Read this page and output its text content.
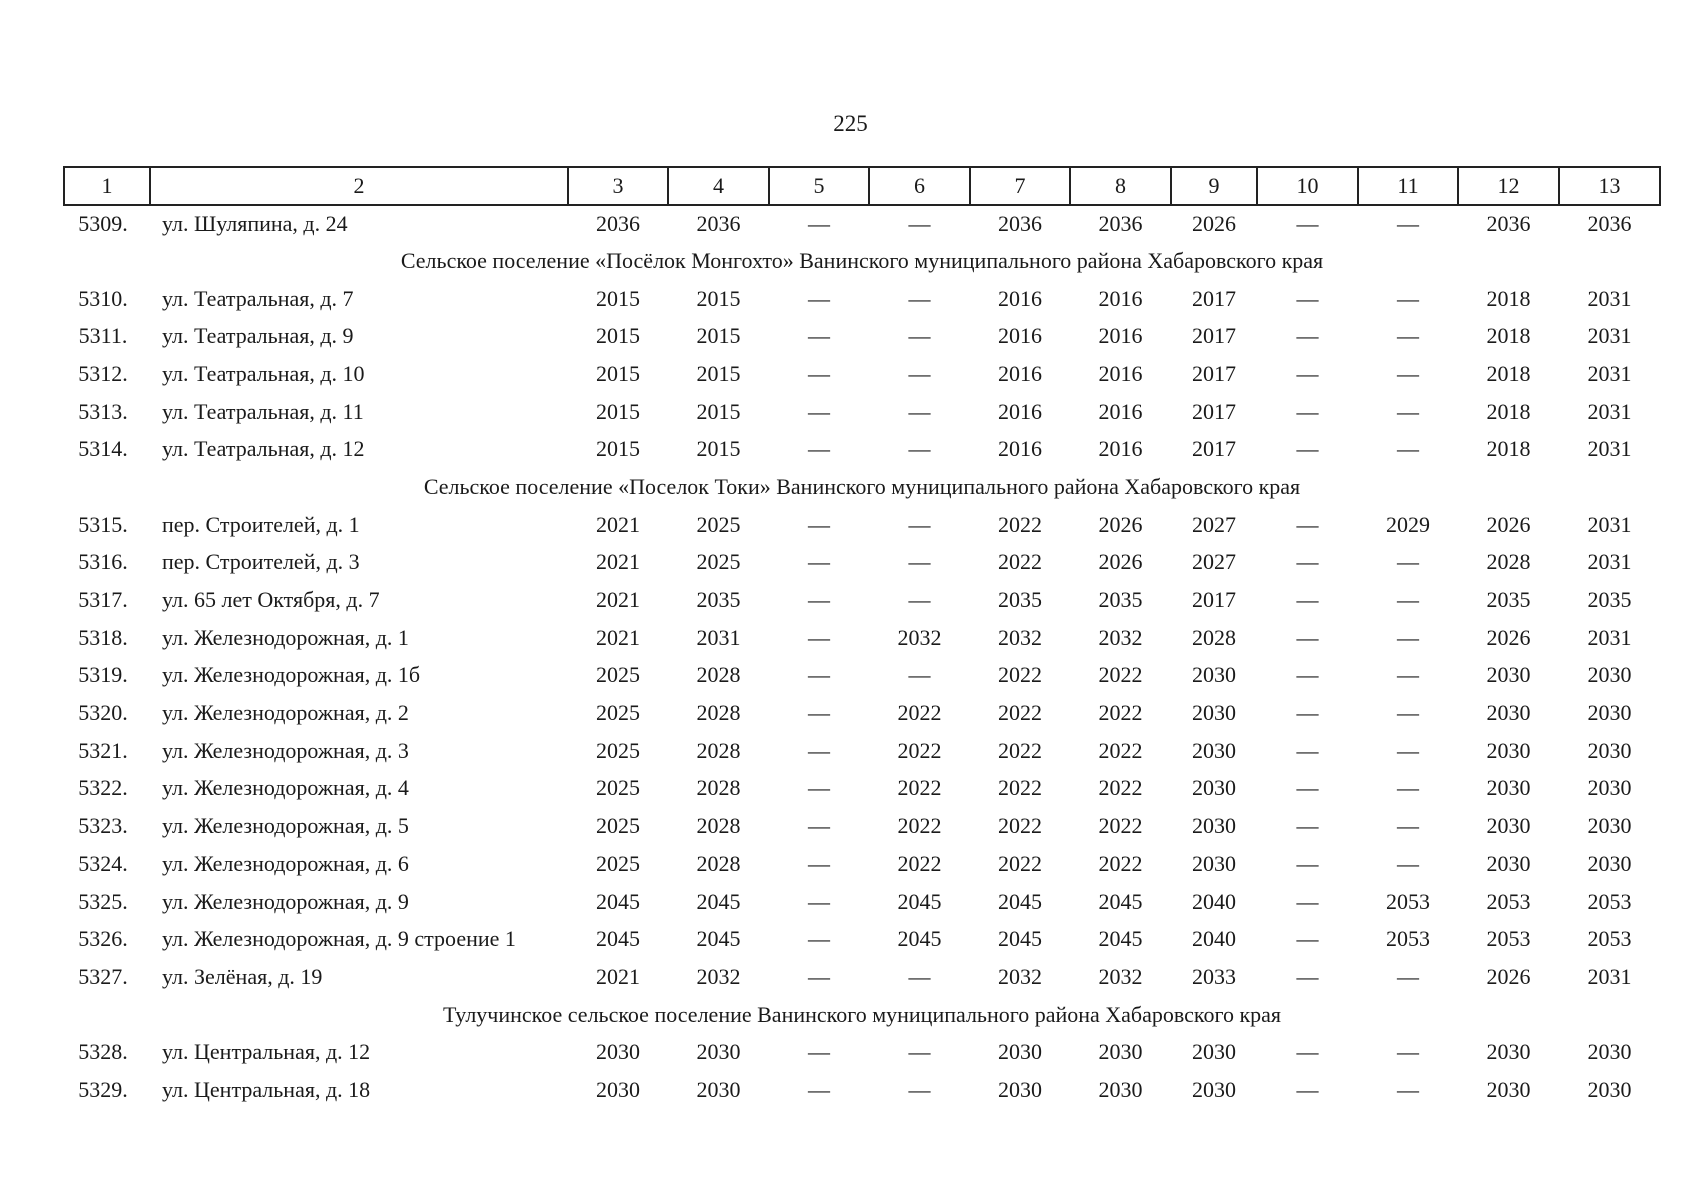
225
1	2	3	4	5	6	7	8	9	10	11	12	13
5309.	ул. Шуляпина, д. 24	2036	2036	—	—	2036	2036	2026	—	—	2036	2036
Сельское поселение «Посёлок Монгохто» Ванинского муниципального района Хабаровского края												
5310.	ул. Театральная, д. 7	2015	2015	—	—	2016	2016	2017	—	—	2018	2031
5311.	ул. Театральная, д. 9	2015	2015	—	—	2016	2016	2017	—	—	2018	2031
5312.	ул. Театральная, д. 10	2015	2015	—	—	2016	2016	2017	—	—	2018	2031
5313.	ул. Театральная, д. 11	2015	2015	—	—	2016	2016	2017	—	—	2018	2031
5314.	ул. Театральная, д. 12	2015	2015	—	—	2016	2016	2017	—	—	2018	2031
Сельское поселение «Поселок Токи» Ванинского муниципального района Хабаровского края												
5315.	пер. Строителей, д. 1	2021	2025	—	—	2022	2026	2027	—	2029	2026	2031
5316.	пер. Строителей, д. 3	2021	2025	—	—	2022	2026	2027	—	—	2028	2031
5317.	ул. 65 лет Октября, д. 7	2021	2035	—	—	2035	2035	2017	—	—	2035	2035
5318.	ул. Железнодорожная, д. 1	2021	2031	—	2032	2032	2032	2028	—	—	2026	2031
5319.	ул. Железнодорожная, д. 1б	2025	2028	—	—	2022	2022	2030	—	—	2030	2030
5320.	ул. Железнодорожная, д. 2	2025	2028	—	2022	2022	2022	2030	—	—	2030	2030
5321.	ул. Железнодорожная, д. 3	2025	2028	—	2022	2022	2022	2030	—	—	2030	2030
5322.	ул. Железнодорожная, д. 4	2025	2028	—	2022	2022	2022	2030	—	—	2030	2030
5323.	ул. Железнодорожная, д. 5	2025	2028	—	2022	2022	2022	2030	—	—	2030	2030
5324.	ул. Железнодорожная, д. 6	2025	2028	—	2022	2022	2022	2030	—	—	2030	2030
5325.	ул. Железнодорожная, д. 9	2045	2045	—	2045	2045	2045	2040	—	2053	2053	2053
5326.	ул. Железнодорожная, д. 9 строение 1	2045	2045	—	2045	2045	2045	2040	—	2053	2053	2053
5327.	ул. Зелёная, д. 19	2021	2032	—	—	2032	2032	2033	—	—	2026	2031
Тулучинское сельское поселение Ванинского муниципального района Хабаровского края												
5328.	ул. Центральная, д. 12	2030	2030	—	—	2030	2030	2030	—	—	2030	2030
5329.	ул. Центральная, д. 18	2030	2030	—	—	2030	2030	2030	—	—	2030	2030
